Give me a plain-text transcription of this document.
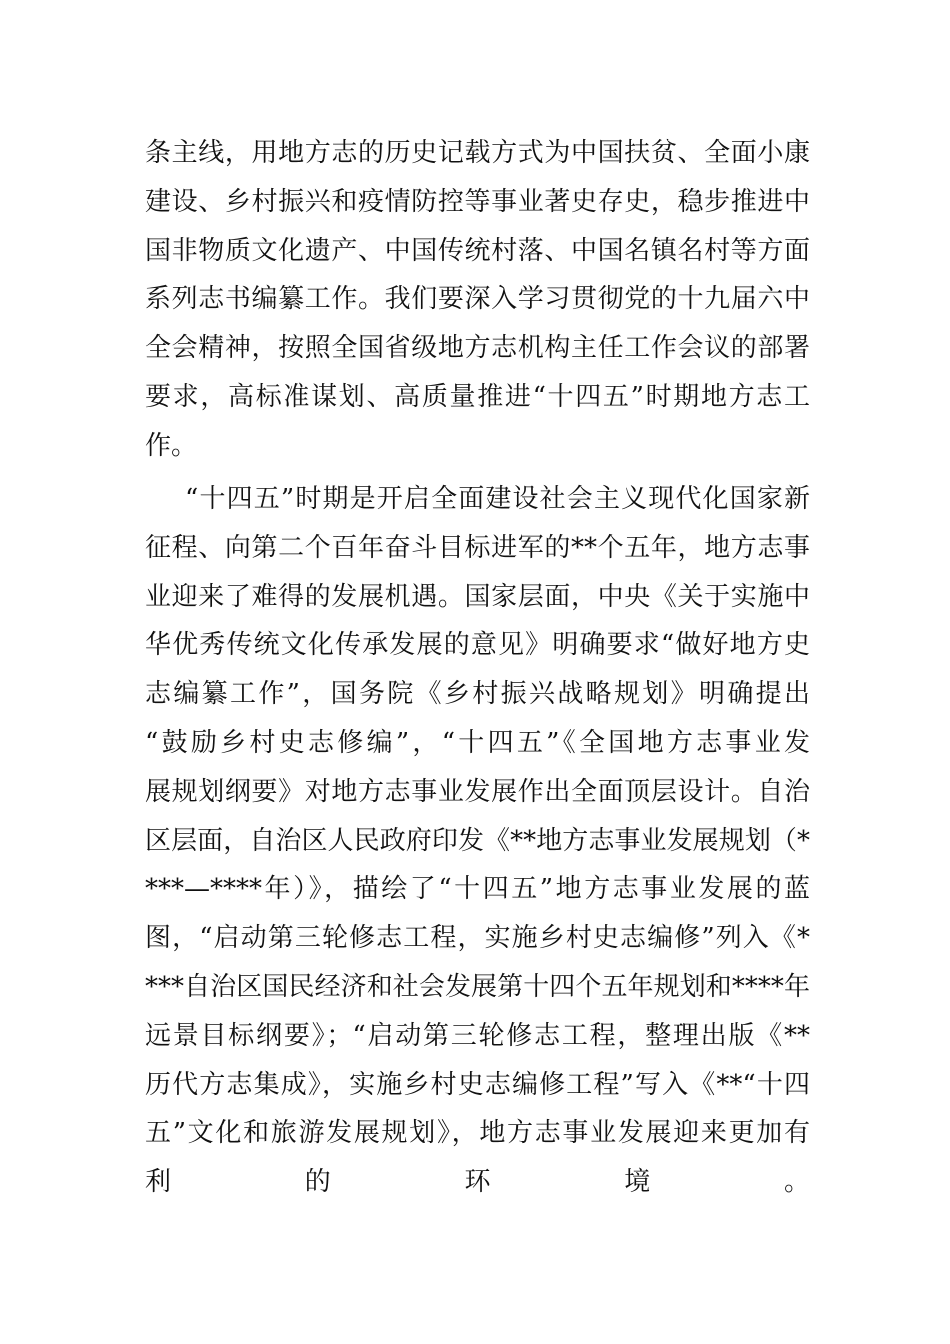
条主线，用地方志的历史记载方式为中国扶贫、全面小康
建设、乡村振兴和疫情防控等事业著史存史，稳步推进中
国非物质文化遗产、中国传统村落、中国名镇名村等方面
系列志书编纂工作。我们要深入学习贯彻党的十九届六中
全会精神，按照全国省级地方志机构主任工作会议的部署
要求，高标准谋划、高质量推进“十四五”时期地方志工
作。
“十四五”时期是开启全面建设社会主义现代化国家新
征程、向第二个百年奋斗目标进军的**个五年，地方志事
业迎来了难得的发展机遇。国家层面，中央《关于实施中
华优秀传统文化传承发展的意见》明确要求“做好地方史
志编纂工作”，国务院《乡村振兴战略规划》明确提出
“鼓励乡村史志修编”，“十四五”《全国地方志事业发
展规划纲要》对地方志事业发展作出全面顶层设计。自治
区层面，自治区人民政府印发《**地方志事业发展规划（*
***—****年）》，描绘了“十四五”地方志事业发展的蓝
图，“启动第三轮修志工程，实施乡村史志编修”列入《*
***自治区国民经济和社会发展第十四个五年规划和****年
远景目标纲要》；“启动第三轮修志工程，整理出版《**
历代方志集成》，实施乡村史志编修工程”写入《**“十四
五”文化和旅游发展规划》，地方志事业发展迎来更加有
利的环境。
